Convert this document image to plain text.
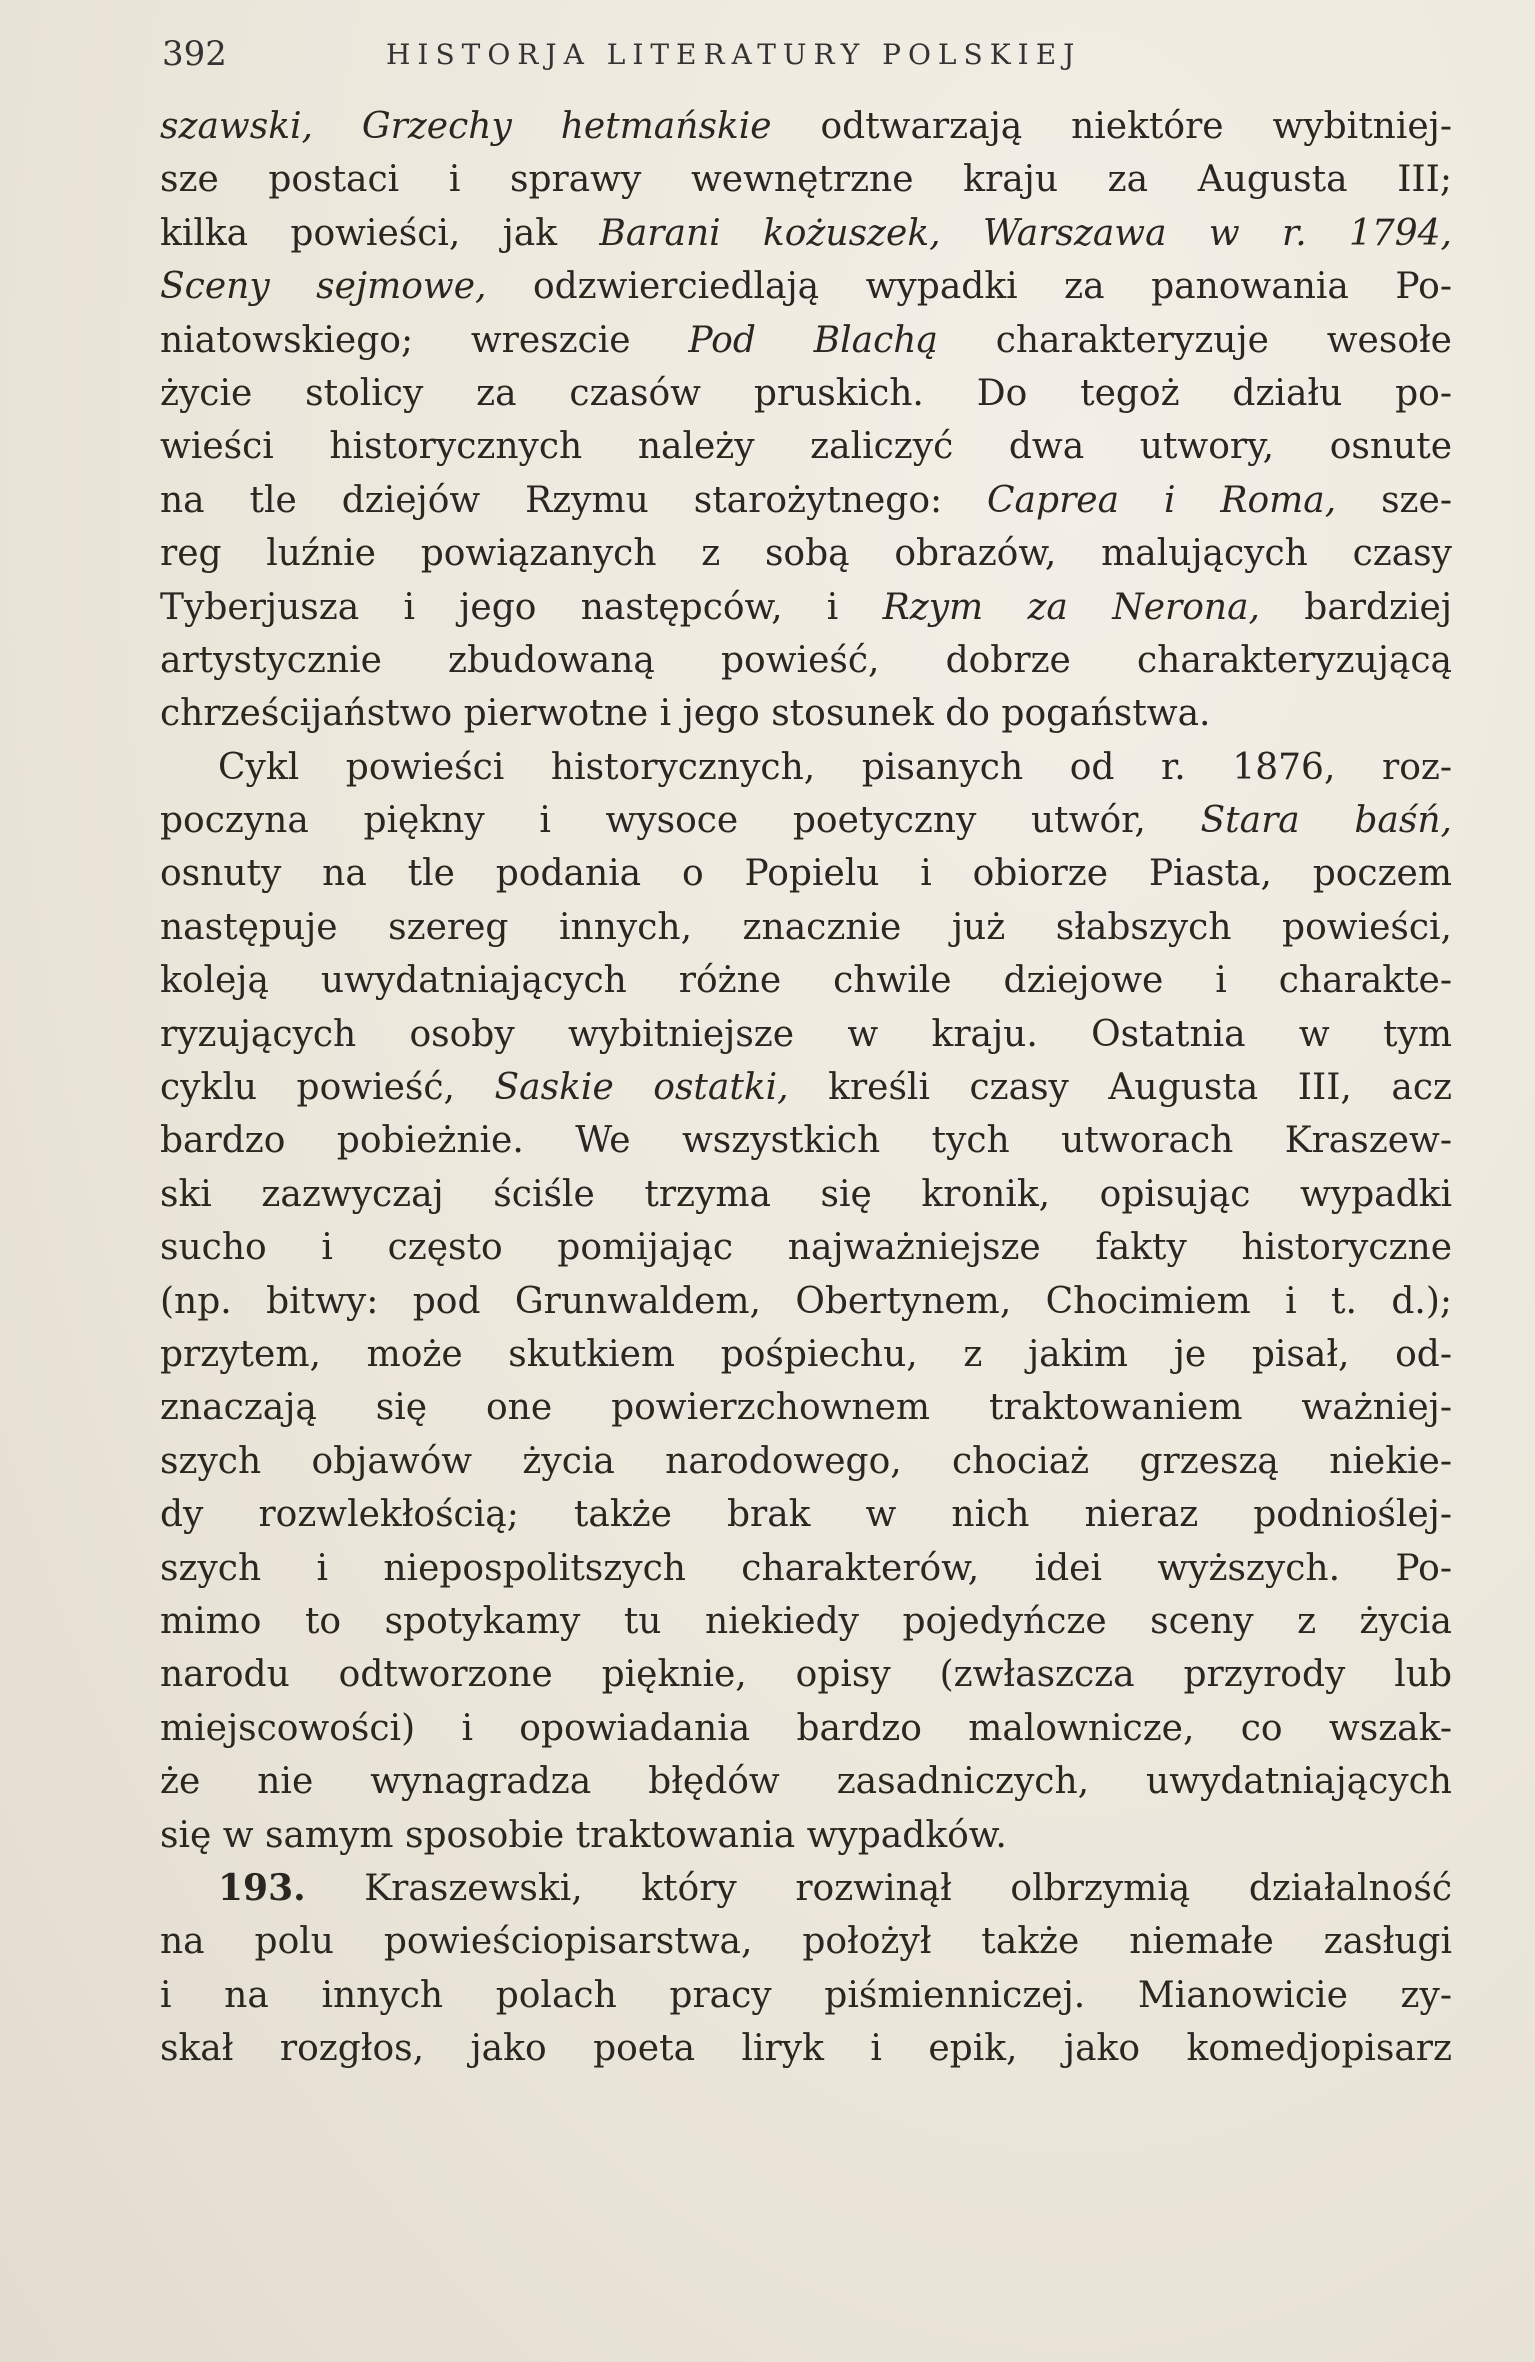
392	HISTORJA LITERATURY POLSKIEJ
szawski, Grzechy hetmańskie odtwarzają niektóre wybitniej-
sze postaci i sprawy wewnętrzne kraju za Augusta III;
kilka powieści, jak Barani kożuszek, Warszawa w r. 1794,
Sceny sejmowe, odzwierciedlają wypadki za panowania Po-
niatowskiego; wreszcie Pod Blachą charakteryzuje wesołe
życie stolicy za czasów pruskich. Do tegoż działu po-
wieści historycznych należy zaliczyć dwa utwory, osnute
na tle dziejów Rzymu starożytnego: Caprea i Roma, sze-
reg luźnie powiązanych z sobą obrazów, malujących czasy
Tyberjusza i jego następców, i Rzym za Nerona, bardziej
artystycznie zbudowaną powieść, dobrze charakteryzującą
chrześcijaństwo pierwotne i jego stosunek do pogaństwa.
Cykl powieści historycznych, pisanych od r. 1876, roz-
poczyna piękny i wysoce poetyczny utwór, Stara baśń,
osnuty na tle podania o Popielu i obiorze Piasta, poczem
następuje szereg innych, znacznie już słabszych powieści,
koleją uwydatniających różne chwile dziejowe i charakte-
ryzujących osoby wybitniejsze w kraju. Ostatnia w tym
cyklu powieść, Saskie ostatki, kreśli czasy Augusta III, acz
bardzo pobieżnie. We wszystkich tych utworach Kraszew-
ski zazwyczaj ściśle trzyma się kronik, opisując wypadki
sucho i często pomijając najważniejsze fakty historyczne
(np. bitwy: pod Grunwaldem, Obertynem, Chocimiem i t. d.);
przytem, może skutkiem pośpiechu, z jakim je pisał, od-
znaczają się one powierzchownem traktowaniem ważniej-
szych objawów życia narodowego, chociaż grzeszą niekie-
dy rozwlekłością; także brak w nich nieraz podnioślej-
szych i niepospolitszych charakterów, idei wyższych. Po-
mimo to spotykamy tu niekiedy pojedyńcze sceny z życia
narodu odtworzone pięknie, opisy (zwłaszcza przyrody lub
miejscowości) i opowiadania bardzo malownicze, co wszak-
że nie wynagradza błędów zasadniczych, uwydatniających
się w samym sposobie traktowania wypadków.
193. Kraszewski, który rozwinął olbrzymią działalność
na polu powieściopisarstwa, położył także niemałe zasługi
i na innych polach pracy piśmienniczej. Mianowicie zy-
skał rozgłos, jako poeta liryk i epik, jako komedjopisarz
